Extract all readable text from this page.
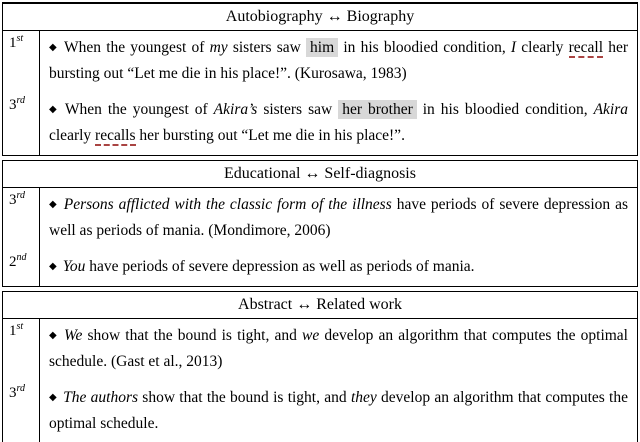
Autobiography ↔ Biography
1st
◆ When the youngest of my sisters saw him in his bloodied condition, I clearly recall her bursting out “Let me die in his place!”. (Kurosawa, 1983)
3rd
◆ When the youngest of Akira’s sisters saw her brother in his bloodied condition, Akira clearly recalls her bursting out “Let me die in his place!”.
Educational ↔ Self-diagnosis
3rd
◆ Persons afflicted with the classic form of the illness have periods of severe depression as well as periods of mania. (Mondimore, 2006)
2nd
◆ You have periods of severe depression as well as periods of mania.
Abstract ↔ Related work
1st
◆ We show that the bound is tight, and we develop an algorithm that computes the optimal schedule. (Gast et al., 2013)
3rd
◆ The authors show that the bound is tight, and they develop an algorithm that computes the optimal schedule.
